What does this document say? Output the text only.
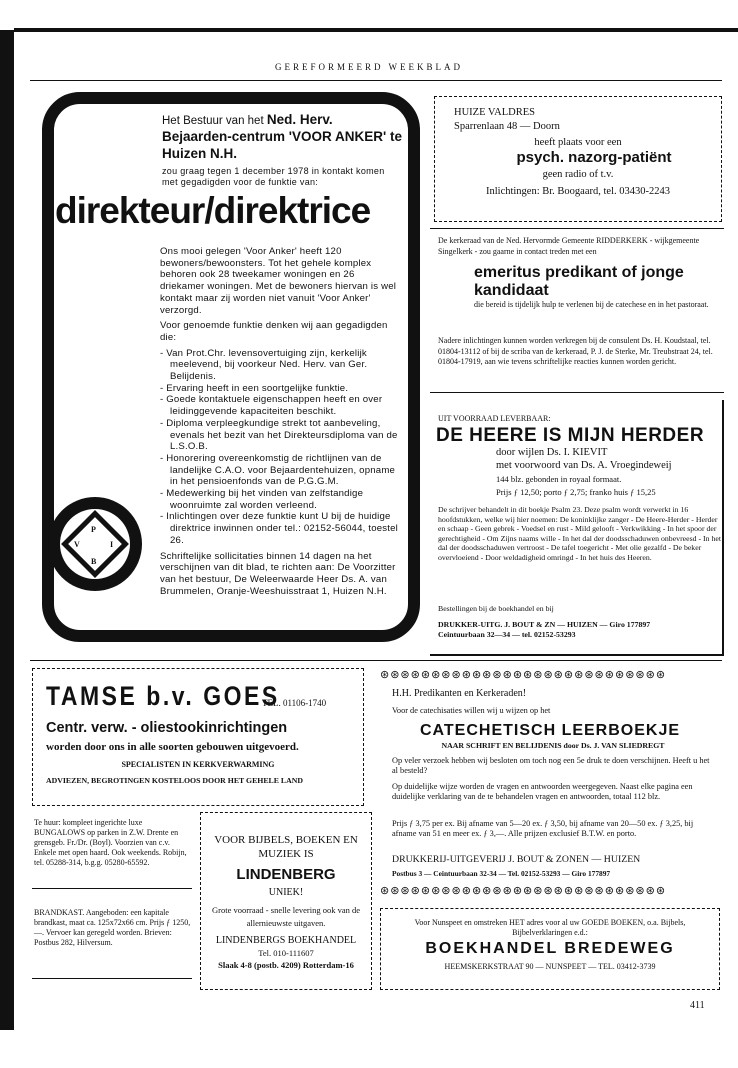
GEREFORMEERD WEEKBLAD
Het Bestuur van het Ned. Herv. Bejaarden-centrum 'VOOR ANKER' te Huizen N.H.
zou graag tegen 1 december 1978 in kontakt komen met gegadigden voor de funktie van:
direkteur/direktrice

Ons mooi gelegen 'Voor Anker' heeft 120 bewoners/bewoonsters. Tot het gehele komplex behoren ook 28 tweekamer woningen en 26 driekamer woningen. Met de bewoners hiervan is wel kontakt maar zij worden niet vanuit 'Voor Anker' verzorgd.

Voor genoemde funktie denken wij aan gegadigden die:

- Van Prot.Chr. levensovertuiging zijn, kerkelijk meelevend, bij voorkeur Ned. Herv. van Ger. Belijdenis.
- Ervaring heeft in een soortgelijke funktie.
- Goede kontaktuele eigenschappen heeft en over leidinggevende kapaciteiten beschikt.
- Diploma verpleegkundige strekt tot aanbeveling, evenals het bezit van het Direkteursdiploma van de L.S.O.B.
- Honorering overeenkomstig de richtlijnen van de landelijke C.A.O. voor Bejaardentehuizen, opname in het pensioenfonds van de P.G.G.M.
- Medewerking bij het vinden van zelfstandige woonruimte zal worden verleend.
- Inlichtingen over deze funktie kunt U bij de huidige direktrice inwinnen onder tel.: 02152-56044, toestel 26.

Schriftelijke sollicitaties binnen 14 dagen na het verschijnen van dit blad, te richten aan: De Voorzitter van het bestuur, De Weleerwaarde Heer Ds. A. van Brummelen, Oranje-Weeshuisstraat 1, Huizen N.H.

P
V	I
B
HUIZE VALDRES
Sparrenlaan 48 — Doorn
heeft plaats voor een
psych. nazorg-patiënt
geen radio of t.v.
Inlichtingen: Br. Boogaard, tel. 03430-2243
De kerkeraad van de Ned. Hervormde Gemeente RIDDERKERK - wijkgemeente Singelkerk - zou gaarne in contact treden met een
emeritus predikant of jonge kandidaat
die bereid is tijdelijk hulp te verlenen bij de catechese en in het pastoraat.
Nadere inlichtingen kunnen worden verkregen bij de consulent Ds. H. Koudstaal, tel. 01804-13112 of bij de scriba van de kerkeraad, P. J. de Sterke, Mr. Treubstraat 24, tel. 01804-17919, aan wie tevens schriftelijke reacties kunnen worden gericht.
UIT VOORRAAD LEVERBAAR:
DE HEERE IS MIJN HERDER
door wijlen Ds. I. KIEVIT
met voorwoord van Ds. A. Vroegindeweij
144 blz. gebonden in royaal formaat.
Prijs ƒ 12,50; porto ƒ 2,75; franko huis ƒ 15,25
De schrijver behandelt in dit boekje Psalm 23. Deze psalm wordt verwerkt in 16 hoofdstukken, welke wij hier noemen: De koninklijke zanger - De Heere-Herder - Herder en schaap - Geen gebrek - Voedsel en rust - Mild gelooft - Verkwikking - In het spoor der gerechtigheid - Om Zijns naams wille - In het dal der doodsschaduwen onbevreesd - In het dal der doodsschaduwen vertroost - De tafel toegericht - Met olie gezalfd - De beker overvloeiend - Door weldadigheid omringd - In het huis des Heeren.
Bestellingen bij de boekhandel en bij
DRUKKER-UITG. J. BOUT & ZN — HUIZEN — Giro 177897
Ceintuurbaan 32—34 — tel. 02152-53293
TAMSE b.v. GOES
TEL. 01106-1740
Centr. verw. - oliestookinrichtingen
worden door ons in alle soorten gebouwen uitgevoerd.
SPECIALISTEN IN KERKVERWARMING
ADVIEZEN, BEGROTINGEN KOSTELOOS DOOR HET GEHELE LAND
Te huur: kompleet ingerichte luxe BUNGALOWS op parken in Z.W. Drente en grensgeb. Fr./Dr. (Boyl). Voorzien van c.v. Enkele met open haard. Ook weekends. Robijn, tel. 05288-314, b.g.g. 05280-65592.
BRANDKAST. Aangeboden: een kapitale brandkast, maat ca. 125x72x66 cm. Prijs ƒ 1250,—. Vervoer kan geregeld worden. Brieven: Postbus 282, Hilversum.
VOOR BIJBELS, BOEKEN EN MUZIEK IS
LINDENBERG
UNIEK!
Grote voorraad - snelle levering ook van de allernieuwste uitgaven.
LINDENBERGS BOEKHANDEL
Tel. 010-111607
Slaak 4-8 (postb. 4209) Rotterdam-16
⊛⊛⊛⊛⊛⊛⊛⊛⊛⊛⊛⊛⊛⊛⊛⊛⊛⊛⊛⊛⊛⊛⊛⊛⊛⊛⊛⊛
H.H. Predikanten en Kerkeraden!
Voor de catechisaties willen wij u wijzen op het
CATECHETISCH LEERBOEKJE
NAAR SCHRIFT EN BELIJDENIS door Ds. J. VAN SLIEDREGT
Op veler verzoek hebben wij besloten om toch nog een 5e druk te doen verschijnen. Heeft u het al besteld?
Op duidelijke wijze worden de vragen en antwoorden weergegeven. Naast elke pagina een duidelijke verklaring van de te behandelen vragen en antwoorden, totaal 112 blz.
Prijs ƒ 3,75 per ex. Bij afname van 5—20 ex. ƒ 3,50, bij afname van 20—50 ex. ƒ 3,25, bij afname van 51 en meer ex. ƒ 3,—. Alle prijzen exclusief B.T.W. en porto.
DRUKKERIJ-UITGEVERIJ J. BOUT & ZONEN — HUIZEN
Postbus 3 — Ceintuurbaan 32-34 — Tel. 02152-53293 — Giro 177897
⊛⊛⊛⊛⊛⊛⊛⊛⊛⊛⊛⊛⊛⊛⊛⊛⊛⊛⊛⊛⊛⊛⊛⊛⊛⊛⊛⊛
Voor Nunspeet en omstreken HET adres voor al uw GOEDE BOEKEN, o.a. Bijbels, Bijbelverklaringen e.d.:
BOEKHANDEL BREDEWEG
HEEMSKERKSTRAAT 90 — NUNSPEET — TEL. 03412-3739
411
